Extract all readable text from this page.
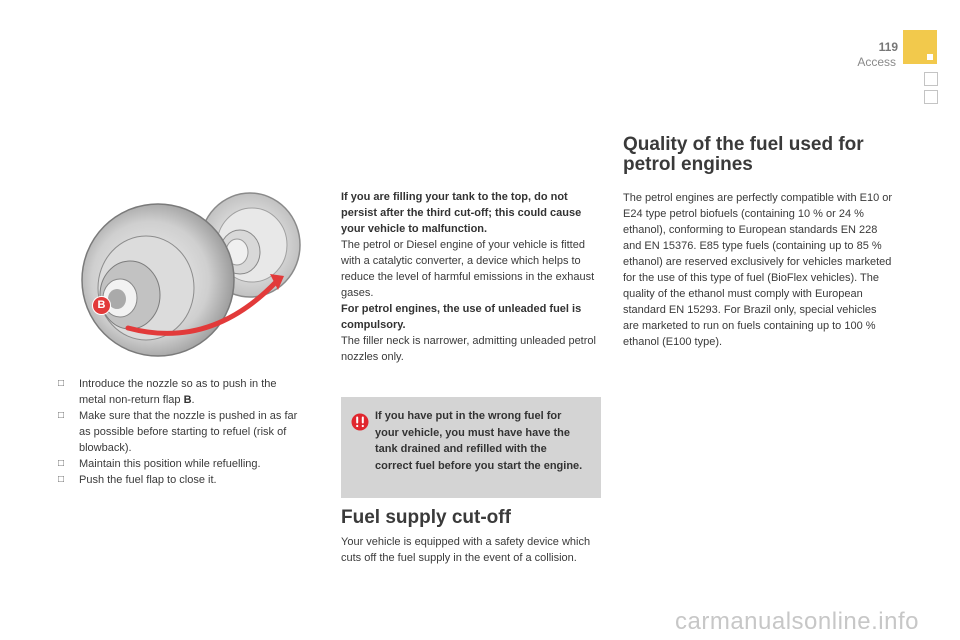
119
Access
B
□ Introduce the nozzle so as to push in the metal non-return flap B.
□ Make sure that the nozzle is pushed in as far as possible before starting to refuel (risk of blowback).
□ Maintain this position while refuelling.
□ Push the fuel flap to close it.

If you are filling your tank to the top, do not persist after the third cut-off; this could cause your vehicle to malfunction.

The petrol or Diesel engine of your vehicle is fitted with a catalytic converter, a device which helps to reduce the level of harmful emissions in the exhaust gases.

For petrol engines, the use of unleaded fuel is compulsory.

The filler neck is narrower, admitting unleaded petrol nozzles only.

If you have put in the wrong fuel for your vehicle, you must have have the tank drained and refilled with the correct fuel before you start the engine.
Fuel supply cut-off

Your vehicle is equipped with a safety device which cuts off the fuel supply in the event of a collision.

Quality of the fuel used for petrol engines

The petrol engines are perfectly compatible with E10 or E24 type petrol biofuels (containing 10 % or 24 % ethanol), conforming to European standards EN 228 and EN 15376. E85 type fuels (containing up to 85 % ethanol) are reserved exclusively for vehicles marketed for the use of this type of fuel (BioFlex vehicles). The quality of the ethanol must comply with European standard EN 15293. For Brazil only, special vehicles are marketed to run on fuels containing up to 100 % ethanol (E100 type).

carmanualsonline.info
